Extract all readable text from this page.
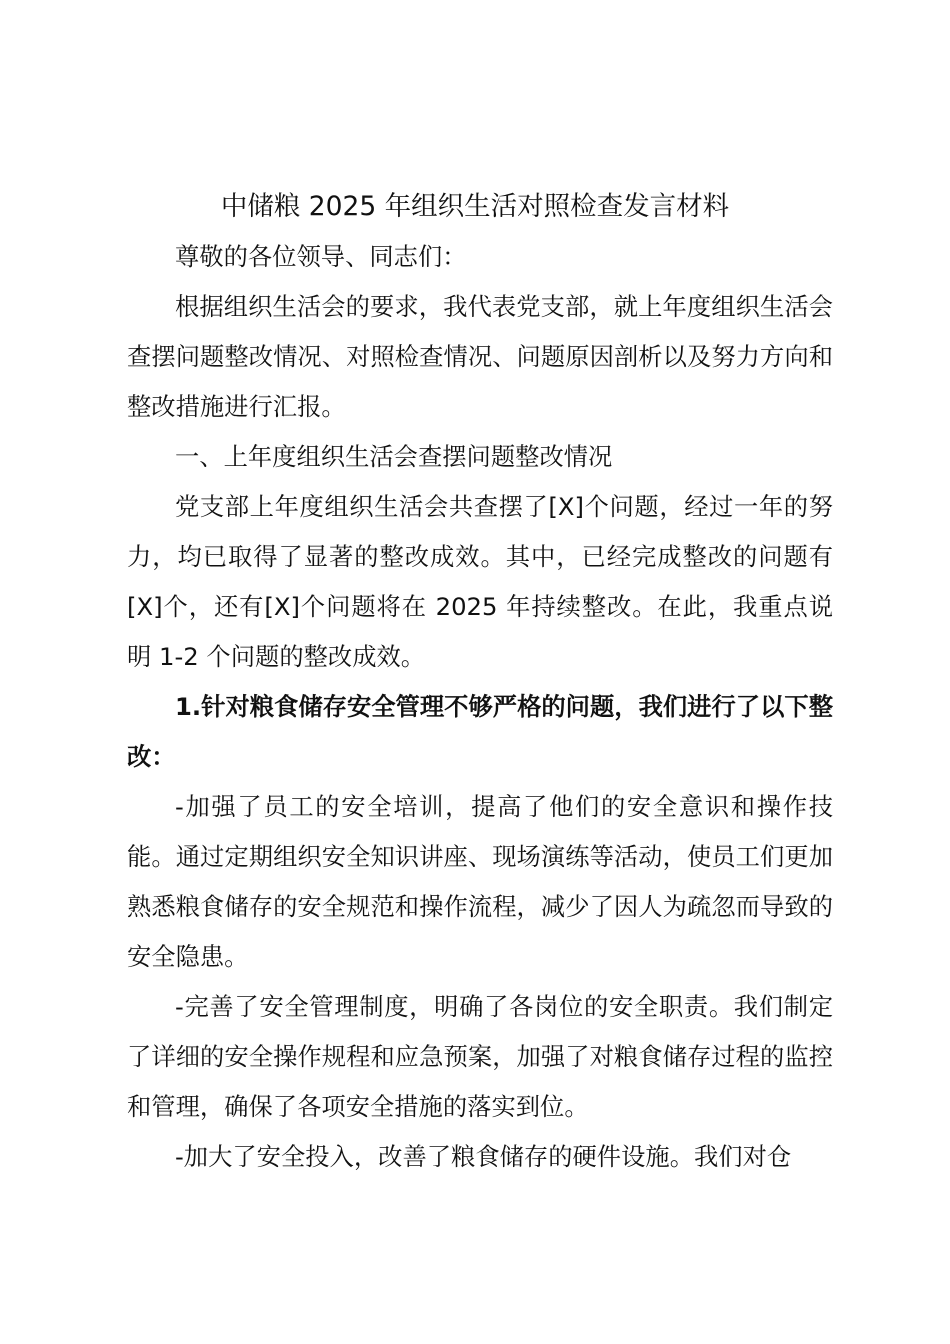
中储粮 2025 年组织生活对照检查发言材料

尊敬的各位领导、同志们：

根据组织生活会的要求，我代表党支部，就上年度组织生活会查摆问题整改情况、对照检查情况、问题原因剖析以及努力方向和整改措施进行汇报。

一、上年度组织生活会查摆问题整改情况

党支部上年度组织生活会共查摆了[X]个问题，经过一年的努力，均已取得了显著的整改成效。其中，已经完成整改的问题有[X]个，还有[X]个问题将在 2025 年持续整改。在此，我重点说明 1-2 个问题的整改成效。

1.针对粮食储存安全管理不够严格的问题，我们进行了以下整改：

-加强了员工的安全培训，提高了他们的安全意识和操作技能。通过定期组织安全知识讲座、现场演练等活动，使员工们更加熟悉粮食储存的安全规范和操作流程，减少了因人为疏忽而导致的安全隐患。

-完善了安全管理制度，明确了各岗位的安全职责。我们制定了详细的安全操作规程和应急预案，加强了对粮食储存过程的监控和管理，确保了各项安全措施的落实到位。

-加大了安全投入，改善了粮食储存的硬件设施。我们对仓
